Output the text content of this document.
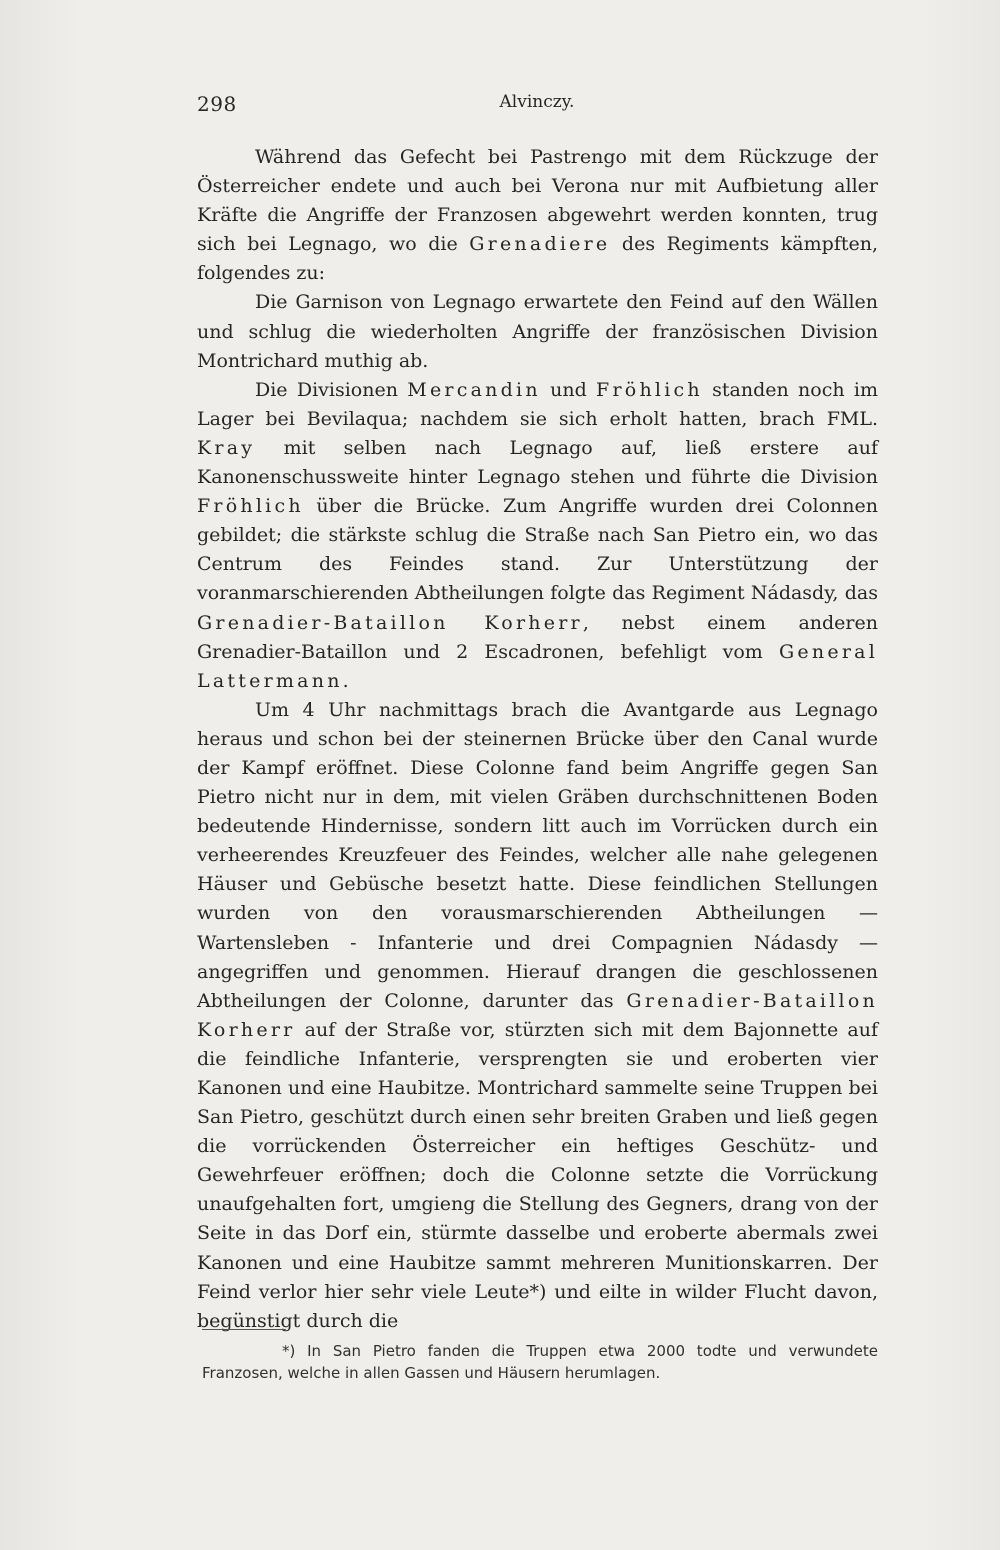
298	Alvinczy.

Während das Gefecht bei Pastrengo mit dem Rückzuge der Österreicher endete und auch bei Verona nur mit Aufbietung aller Kräfte die Angriffe der Franzosen abgewehrt werden konnten, trug sich bei Legnago, wo die Grenadiere des Regiments kämpften, folgendes zu:

Die Garnison von Legnago erwartete den Feind auf den Wällen und schlug die wiederholten Angriffe der französischen Division Montrichard muthig ab.

Die Divisionen Mercandin und Fröhlich standen noch im Lager bei Bevilaqua; nachdem sie sich erholt hatten, brach FML. Kray mit selben nach Legnago auf, ließ erstere auf Kanonenschussweite hinter Legnago stehen und führte die Division Fröhlich über die Brücke. Zum Angriffe wurden drei Colonnen gebildet; die stärkste schlug die Straße nach San Pietro ein, wo das Centrum des Feindes stand. Zur Unterstützung der voranmarschierenden Abtheilungen folgte das Regiment Nádasdy, das Grenadier-Bataillon Korherr, nebst einem anderen Grenadier-Bataillon und 2 Escadronen, befehligt vom General Lattermann.

Um 4 Uhr nachmittags brach die Avantgarde aus Legnago heraus und schon bei der steinernen Brücke über den Canal wurde der Kampf eröffnet. Diese Colonne fand beim Angriffe gegen San Pietro nicht nur in dem, mit vielen Gräben durchschnittenen Boden bedeutende Hindernisse, sondern litt auch im Vorrücken durch ein verheerendes Kreuzfeuer des Feindes, welcher alle nahe gelegenen Häuser und Gebüsche besetzt hatte. Diese feindlichen Stellungen wurden von den vorausmarschierenden Abtheilungen — Wartensleben - Infanterie und drei Compagnien Nádasdy — angegriffen und genommen. Hierauf drangen die geschlossenen Abtheilungen der Colonne, darunter das Grenadier-Bataillon Korherr auf der Straße vor, stürzten sich mit dem Bajonnette auf die feindliche Infanterie, versprengten sie und eroberten vier Kanonen und eine Haubitze. Montrichard sammelte seine Truppen bei San Pietro, geschützt durch einen sehr breiten Graben und ließ gegen die vorrückenden Österreicher ein heftiges Geschütz- und Gewehrfeuer eröffnen; doch die Colonne setzte die Vorrückung unaufgehalten fort, umgieng die Stellung des Gegners, drang von der Seite in das Dorf ein, stürmte dasselbe und eroberte abermals zwei Kanonen und eine Haubitze sammt mehreren Munitionskarren. Der Feind verlor hier sehr viele Leute*) und eilte in wilder Flucht davon, begünstigt durch die

*) In San Pietro fanden die Truppen etwa 2000 todte und verwundete Franzosen, welche in allen Gassen und Häusern herumlagen.
